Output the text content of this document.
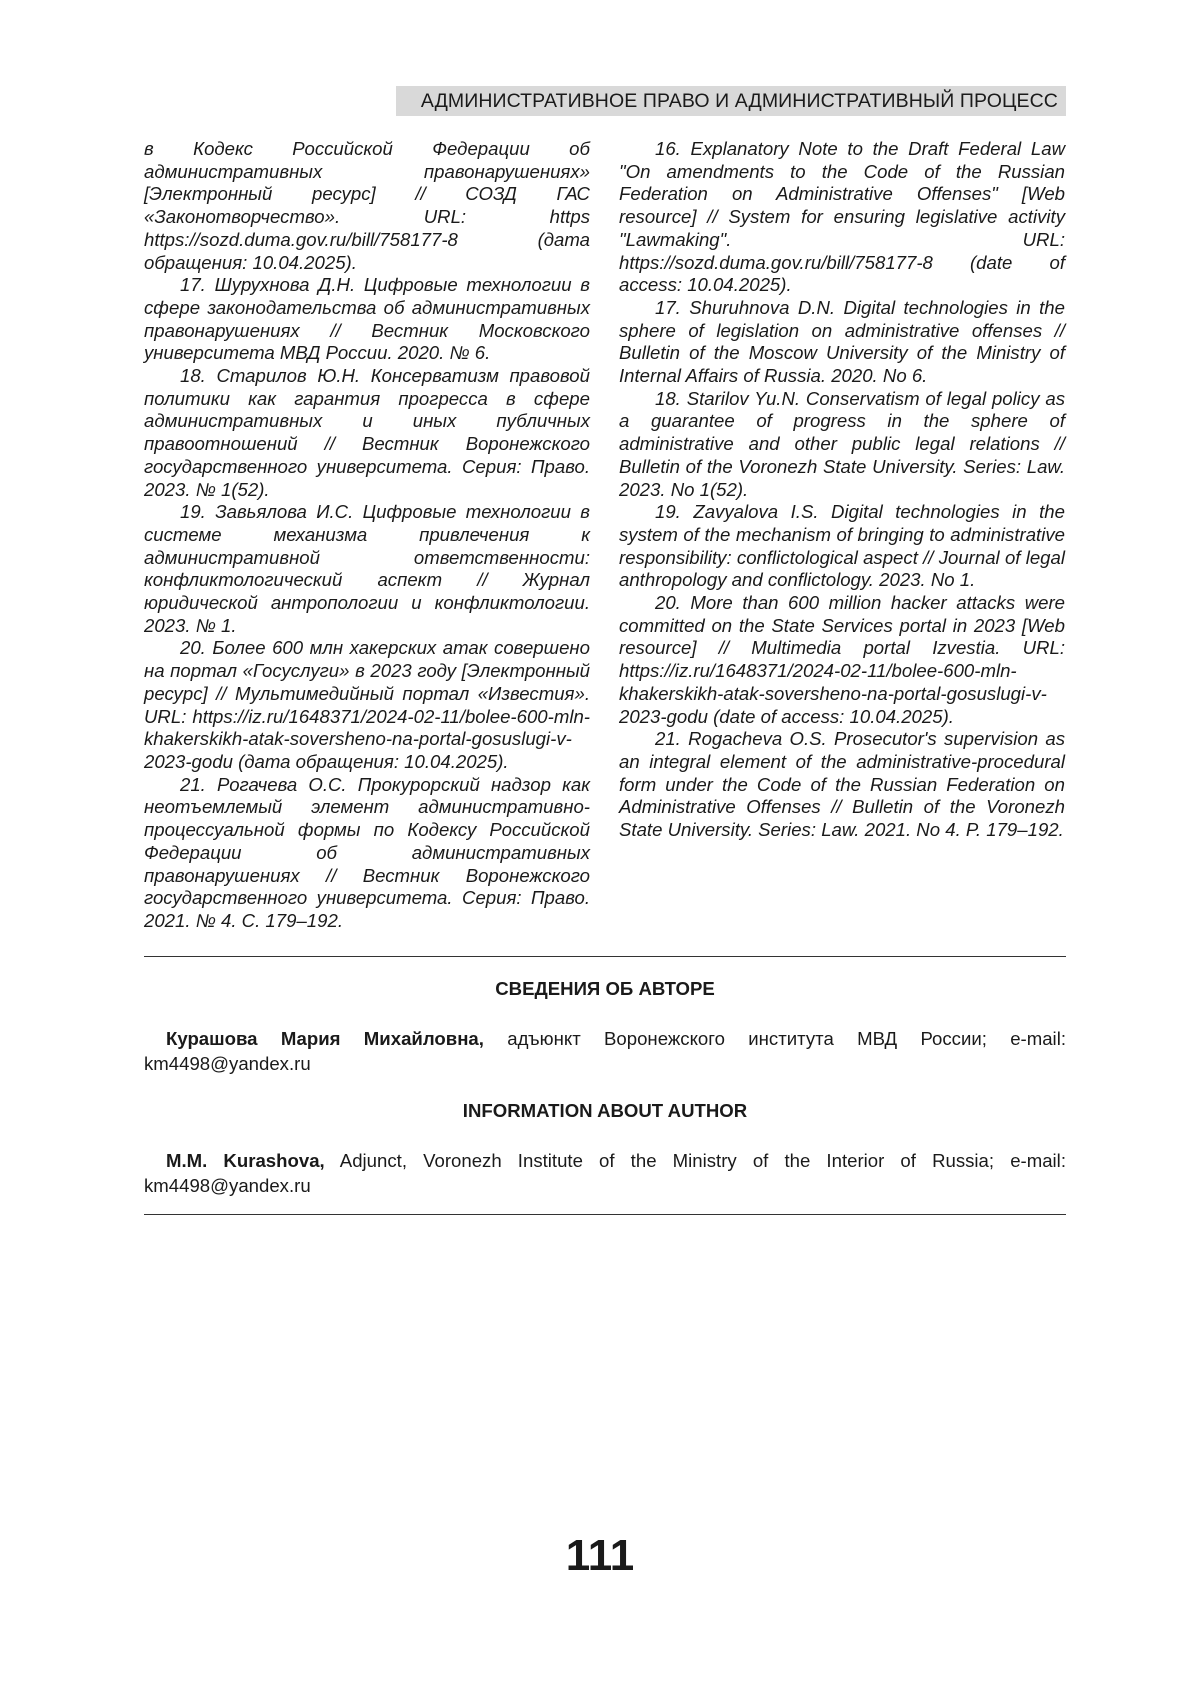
АДМИНИСТРАТИВНОЕ ПРАВО И АДМИНИСТРАТИВНЫЙ ПРОЦЕСС

в Кодекс Российской Федерации об административных правонарушениях» [Электронный ресурс] // СОЗД ГАС «Законотворчество». URL: https https://sozd.duma.gov.ru/bill/758177-8 (дата обращения: 10.04.2025).

17. Шурухнова Д.Н. Цифровые технологии в сфере законодательства об административных правонарушениях // Вестник Московского университета МВД России. 2020. № 6.

18. Старилов Ю.Н. Консерватизм правовой политики как гарантия прогресса в сфере административных и иных публичных правоотношений // Вестник Воронежского государственного университета. Серия: Право. 2023. № 1(52).

19. Завьялова И.С. Цифровые технологии в системе механизма привлечения к административной ответственности: конфликтологический аспект // Журнал юридической антропологии и конфликтологии. 2023. № 1.

20. Более 600 млн хакерских атак совершено на портал «Госуслуги» в 2023 году [Электронный ресурс] // Мультимедийный портал «Известия». URL: https://iz.ru/1648371/2024-02-11/bolee-600-mln-khakerskikh-atak-sovershenо-na-portal-gosuslugi-v-2023-godu (дата обращения: 10.04.2025).

21. Рогачева О.С. Прокурорский надзор как неотъемлемый элемент административно-процессуальной формы по Кодексу Российской Федерации об административных правонарушениях // Вестник Воронежского государственного университета. Серия: Право. 2021. № 4. С. 179–192.

16. Explanatory Note to the Draft Federal Law "On amendments to the Code of the Russian Federation on Administrative Offenses" [Web resource] // System for ensuring legislative activity "Lawmaking". URL: https://sozd.duma.gov.ru/bill/758177-8 (date of access: 10.04.2025).

17. Shuruhnova D.N. Digital technologies in the sphere of legislation on administrative offenses // Bulletin of the Moscow University of the Ministry of Internal Affairs of Russia. 2020. No 6.

18. Starilov Yu.N. Conservatism of legal policy as a guarantee of progress in the sphere of administrative and other public legal relations // Bulletin of the Voronezh State University. Series: Law. 2023. No 1(52).

19. Zavyalova I.S. Digital technologies in the system of the mechanism of bringing to administrative responsibility: conflictological aspect // Journal of legal anthropology and conflictology. 2023. No 1.

20. More than 600 million hacker attacks were committed on the State Services portal in 2023 [Web resource] // Multimedia portal Izvestia. URL: https://iz.ru/1648371/2024-02-11/bolee-600-mln-khakerskikh-atak-sovershenо-na-portal-gosuslugi-v-2023-godu (date of access: 10.04.2025).

21. Rogacheva O.S. Prosecutor's supervision as an integral element of the administrative-procedural form under the Code of the Russian Federation on Administrative Offenses // Bulletin of the Voronezh State University. Series: Law. 2021. No 4. P. 179–192.

СВЕДЕНИЯ ОБ АВТОРЕ

Курашова Мария Михайловна, адъюнкт Воронежского института МВД России; e-mail: km4498@yandex.ru

INFORMATION ABOUT AUTHOR

M.M. Kurashova, Adjunct, Voronezh Institute of the Ministry of the Interior of Russia; e-mail: km4498@yandex.ru

111
